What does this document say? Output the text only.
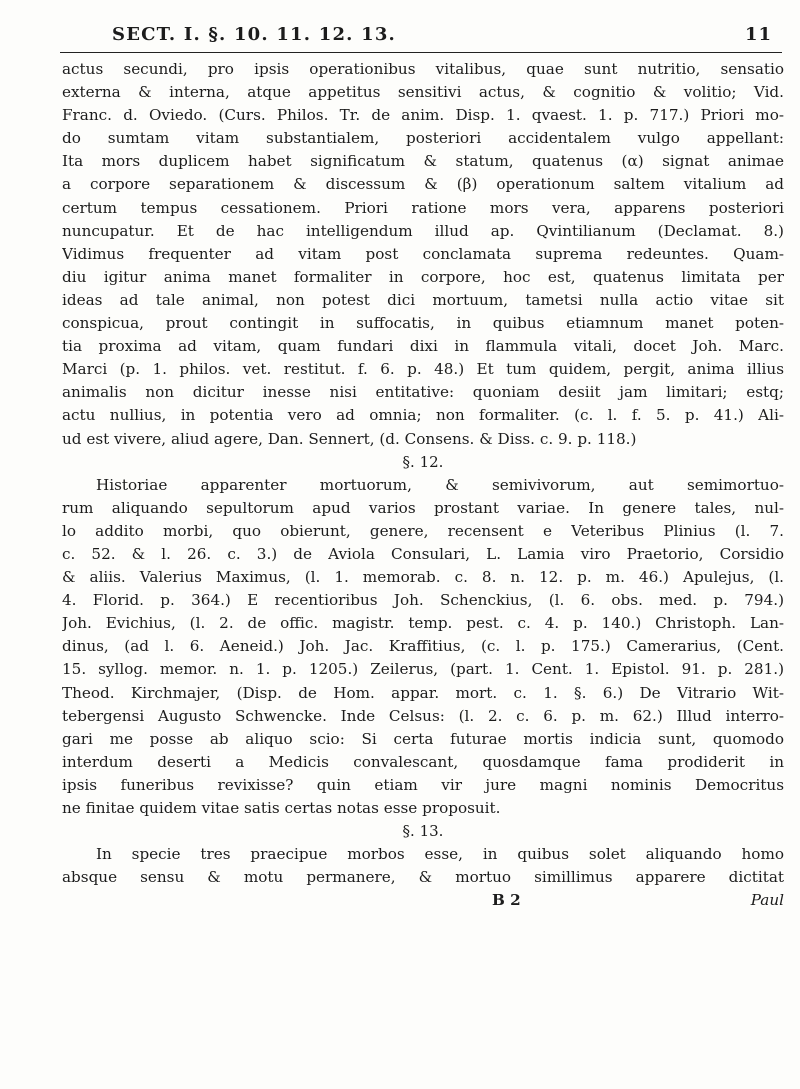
SECT. I. §. 10. 11. 12. 13.	11
actus secundi, pro ipsis operationibus vitalibus, quae sunt nutritio, sensatio
externa & interna, atque appetitus sensitivi actus, & cognitio & volitio; Vid.
Franc. d. Oviedo. (Curs. Philos. Tr. de anim. Disp. 1. qvaest. 1. p. 717.) Priori mo-
do sumtam vitam substantialem, posteriori accidentalem vulgo appellant:
Ita mors duplicem habet significatum & statum, quatenus (α) signat animae
a corpore separationem & discessum & (β) operationum saltem vitalium ad
certum tempus cessationem. Priori ratione mors vera, apparens posteriori
nuncupatur. Et de hac intelligendum illud ap. Qvintilianum (Declamat. 8.)
Vidimus frequenter ad vitam post conclamata suprema redeuntes. Quam-
diu igitur anima manet formaliter in corpore, hoc est, quatenus limitata per
ideas ad tale animal, non potest dici mortuum, tametsi nulla actio vitae sit
conspicua, prout contingit in suffocatis, in quibus etiamnum manet poten-
tia proxima ad vitam, quam fundari dixi in flammula vitali, docet Joh. Marc.
Marci (p. 1. philos. vet. restitut. f. 6. p. 48.) Et tum quidem, pergit, anima illius
animalis non dicitur inesse nisi entitative: quoniam desiit jam limitari; estq;
actu nullius, in potentia vero ad omnia; non formaliter. (c. l. f. 5. p. 41.) Ali-
ud est vivere, aliud agere, Dan. Sennert, (d. Consens. & Diss. c. 9. p. 118.)
§. 12.
Historiae apparenter mortuorum, & semivivorum, aut semimortuo-
rum aliquando sepultorum apud varios prostant variae. In genere tales, nul-
lo addito morbi, quo obierunt, genere, recensent e Veteribus Plinius (l. 7.
c. 52. & l. 26. c. 3.) de Aviola Consulari, L. Lamia viro Praetorio, Corsidio
& aliis. Valerius Maximus, (l. 1. memorab. c. 8. n. 12. p. m. 46.) Apulejus, (l.
4. Florid. p. 364.) E recentioribus Joh. Schenckius, (l. 6. obs. med. p. 794.)
Joh. Evichius, (l. 2. de offic. magistr. temp. pest. c. 4. p. 140.) Christoph. Lan-
dinus, (ad l. 6. Aeneid.) Joh. Jac. Kraffitius, (c. l. p. 175.) Camerarius, (Cent.
15. syllog. memor. n. 1. p. 1205.) Zeilerus, (part. 1. Cent. 1. Epistol. 91. p. 281.)
Theod. Kirchmajer, (Disp. de Hom. appar. mort. c. 1. §. 6.) De Vitrario Wit-
tebergensi Augusto Schwencke. Inde Celsus: (l. 2. c. 6. p. m. 62.) Illud interro-
gari me posse ab aliquo scio: Si certa futurae mortis indicia sunt, quomodo
interdum deserti a Medicis convalescant, quosdamque fama prodiderit in
ipsis funeribus revixisse? quin etiam vir jure magni nominis Democritus
ne finitae quidem vitae satis certas notas esse proposuit.
§. 13.
In specie tres praecipue morbos esse, in quibus solet aliquando homo
absque sensu & motu permanere, & mortuo simillimus apparere dictitat
B 2	Paul
